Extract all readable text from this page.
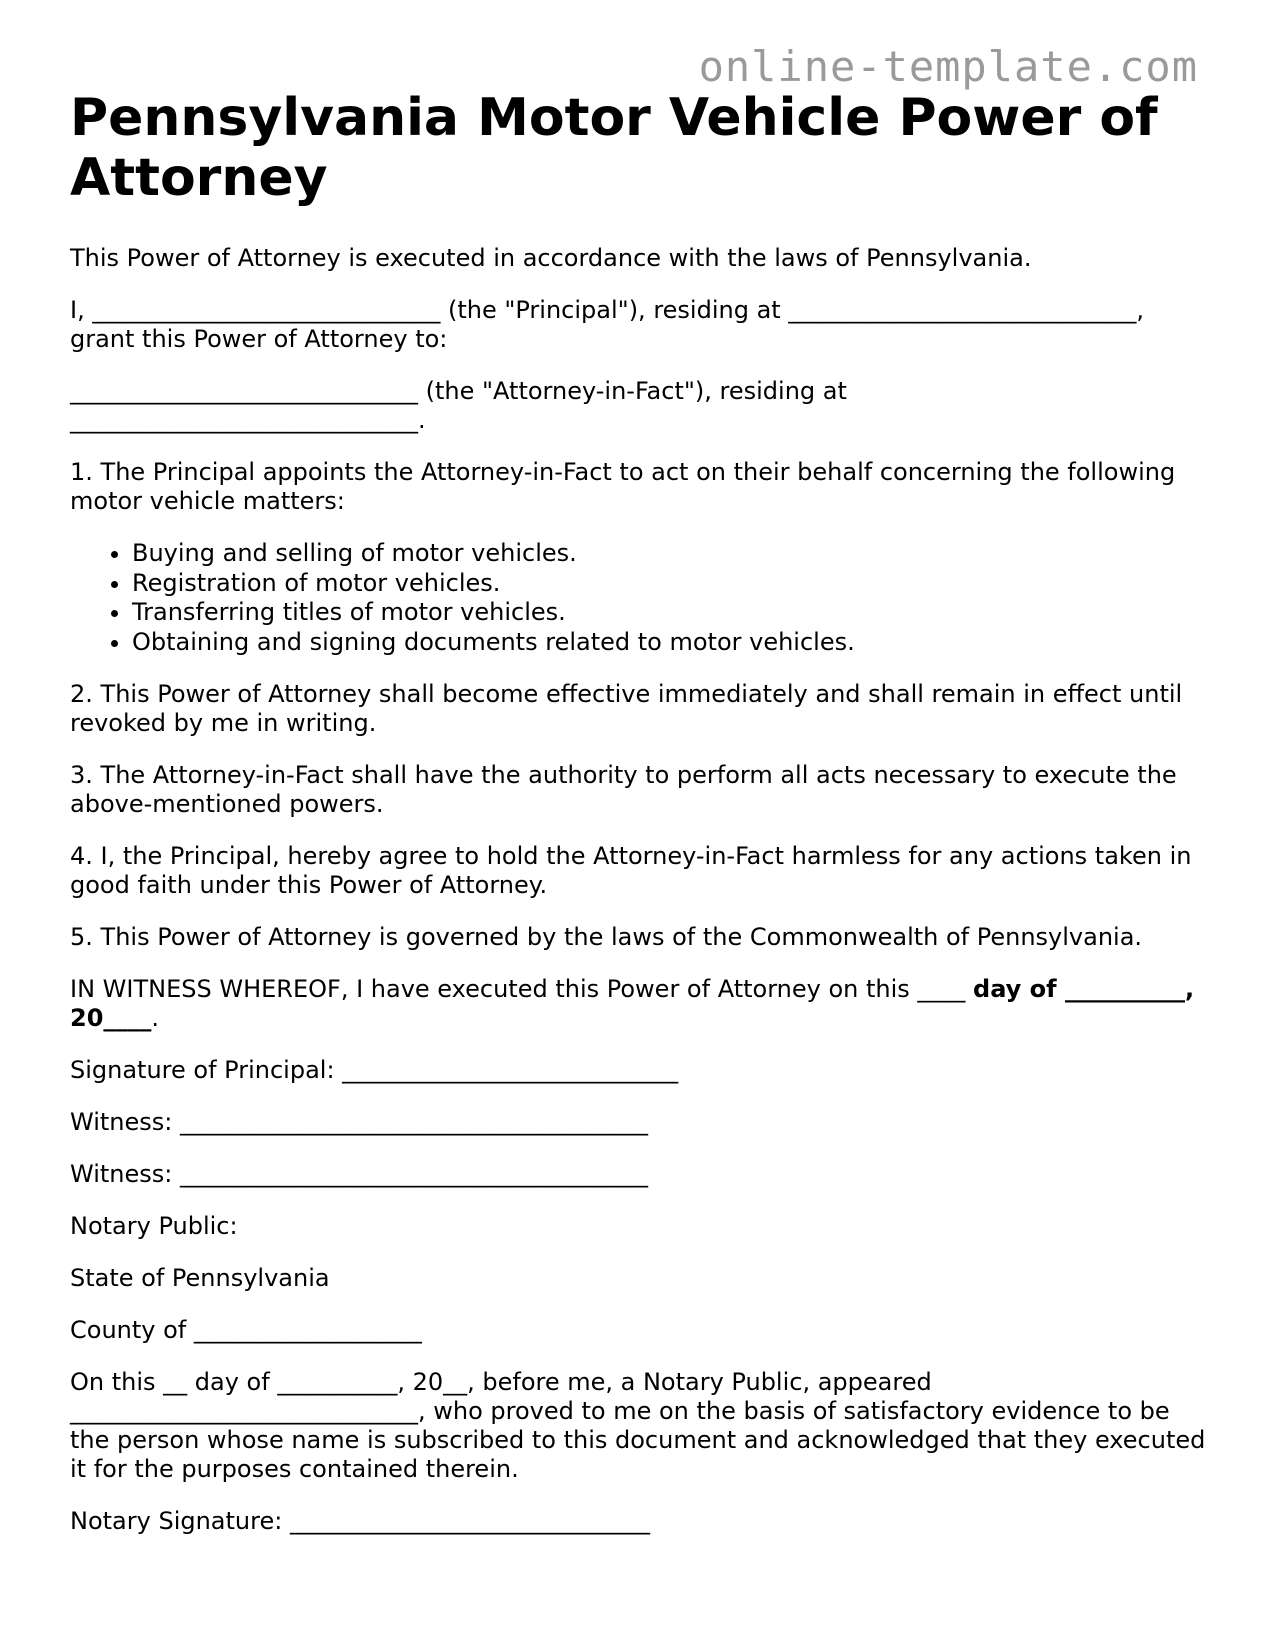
online-template.com
Pennsylvania Motor Vehicle Power of Attorney

This Power of Attorney is executed in accordance with the laws of Pennsylvania.

I, _____________________________ (the "Principal"), residing at _____________________________, grant this Power of Attorney to:

_____________________________ (the "Attorney-in-Fact"), residing at _____________________________.

1. The Principal appoints the Attorney-in-Fact to act on their behalf concerning the following motor vehicle matters:

• Buying and selling of motor vehicles.
• Registration of motor vehicles.
• Transferring titles of motor vehicles.
• Obtaining and signing documents related to motor vehicles.

2. This Power of Attorney shall become effective immediately and shall remain in effect until revoked by me in writing.

3. The Attorney-in-Fact shall have the authority to perform all acts necessary to execute the above-mentioned powers.

4. I, the Principal, hereby agree to hold the Attorney-in-Fact harmless for any actions taken in good faith under this Power of Attorney.

5. This Power of Attorney is governed by the laws of the Commonwealth of Pennsylvania.

IN WITNESS WHEREOF, I have executed this Power of Attorney on this ____ day of __________, 20____.

Signature of Principal: ____________________________

Witness: _______________________________________

Witness: _______________________________________

Notary Public:

State of Pennsylvania

County of ___________________

On this __ day of __________, 20__, before me, a Notary Public, appeared _____________________________, who proved to me on the basis of satisfactory evidence to be the person whose name is subscribed to this document and acknowledged that they executed it for the purposes contained therein.

Notary Signature: ______________________________
